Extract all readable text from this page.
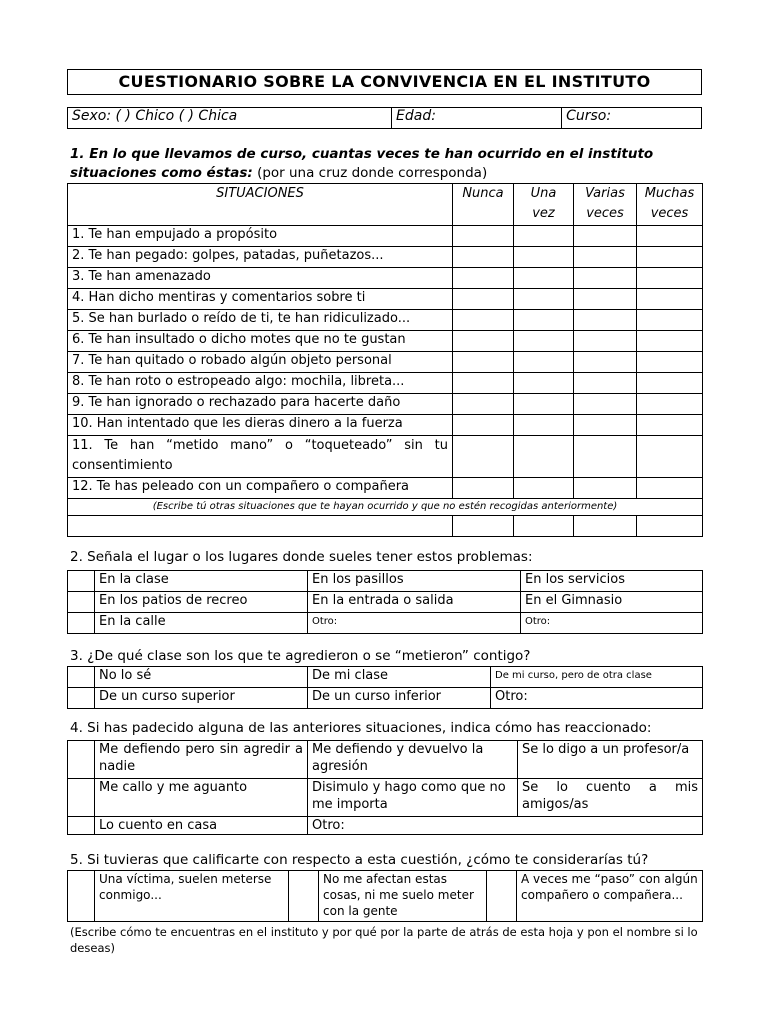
CUESTIONARIO SOBRE LA CONVIVENCIA EN EL INSTITUTO
Sexo: ( ) Chico ( ) Chica	Edad:	Curso:
1. En lo que llevamos de curso, cuantas veces te han ocurrido en el instituto situaciones como éstas: (por una cruz donde corresponda)
SITUACIONES	Nunca	Una vez	Varias veces	Muchas veces
1. Te han empujado a propósito				
2. Te han pegado: golpes, patadas, puñetazos...				
3. Te han amenazado				
4. Han dicho mentiras y comentarios sobre ti				
5. Se han burlado o reído de ti, te han ridiculizado...				
6. Te han insultado o dicho motes que no te gustan				
7. Te han quitado o robado algún objeto personal				
8. Te han roto o estropeado algo: mochila, libreta...				
9. Te han ignorado o rechazado para hacerte daño				
10. Han intentado que les dieras dinero a la fuerza				
11. Te han “metido mano” o “toqueteado” sin tu consentimiento				
12. Te has peleado con un compañero o compañera				
(Escribe tú otras situaciones que te hayan ocurrido y que no estén recogidas anteriormente)				

2. Señala el lugar o los lugares donde sueles tener estos problemas:
	En la clase	En los pasillos	En los servicios
	En los patios de recreo	En la entrada o salida	En el Gimnasio
	En la calle	Otro:	Otro:
3. ¿De qué clase son los que te agredieron o se “metieron” contigo?
	No lo sé	De mi clase	De mi curso, pero de otra clase
	De un curso superior	De un curso inferior	Otro:
4. Si has padecido alguna de las anteriores situaciones, indica cómo has reaccionado:
	Me defiendo pero sin agredir a nadie	Me defiendo y devuelvo la agresión	Se lo digo a un profesor/a
	Me callo y me aguanto	Disimulo y hago como que no me importa	Se lo cuento a mis amigos/as
	Lo cuento en casa	Otro:	
5. Si tuvieras que calificarte con respecto a esta cuestión, ¿cómo te considerarías tú?
	Una víctima, suelen meterse conmigo...		No me afectan estas cosas, ni me suelo meter con la gente		A veces me “paso” con algún compañero o compañera...
(Escribe cómo te encuentras en el instituto y por qué por la parte de atrás de esta hoja y pon el nombre si lo deseas)
